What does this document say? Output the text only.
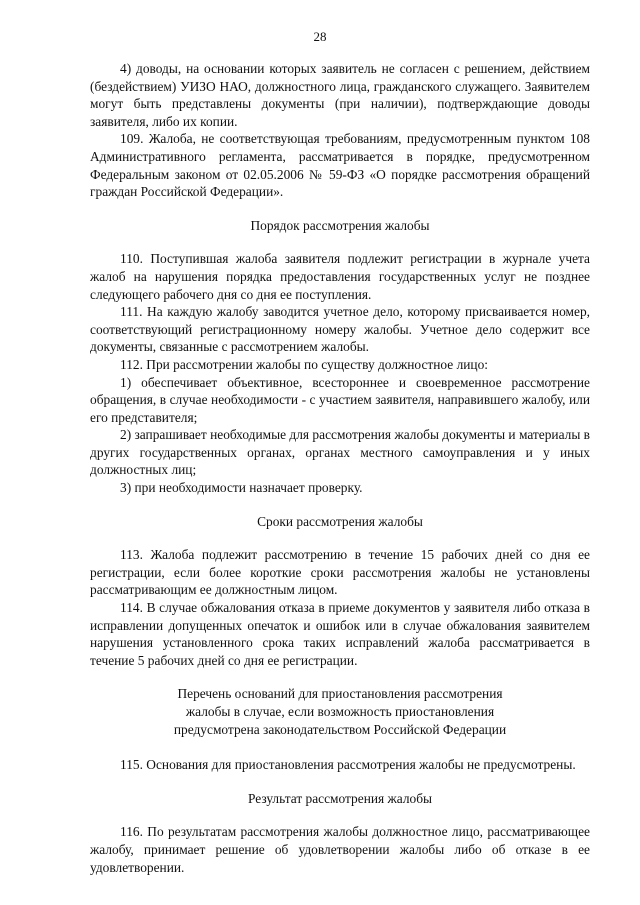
28

4) доводы, на основании которых заявитель не согласен с решением, действием (бездействием) УИЗО НАО, должностного лица, гражданского служащего. Заявителем могут быть представлены документы (при наличии), подтверждающие доводы заявителя, либо их копии.

109. Жалоба, не соответствующая требованиям, предусмотренным пунктом 108 Административного регламента, рассматривается в порядке, предусмотренном Федеральным законом от 02.05.2006 № 59-ФЗ «О порядке рассмотрения обращений граждан Российской Федерации».

Порядок рассмотрения жалобы

110. Поступившая жалоба заявителя подлежит регистрации в журнале учета жалоб на нарушения порядка предоставления государственных услуг не позднее следующего рабочего дня со дня ее поступления.

111. На каждую жалобу заводится учетное дело, которому присваивается номер, соответствующий регистрационному номеру жалобы. Учетное дело содержит все документы, связанные с рассмотрением жалобы.

112. При рассмотрении жалобы по существу должностное лицо:

1) обеспечивает объективное, всестороннее и своевременное рассмотрение обращения, в случае необходимости - с участием заявителя, направившего жалобу, или его представителя;

2) запрашивает необходимые для рассмотрения жалобы документы и материалы в других государственных органах, органах местного самоуправления и у иных должностных лиц;

3) при необходимости назначает проверку.

Сроки рассмотрения жалобы

113. Жалоба подлежит рассмотрению в течение 15 рабочих дней со дня ее регистрации, если более короткие сроки рассмотрения жалобы не установлены рассматривающим ее должностным лицом.

114. В случае обжалования отказа в приеме документов у заявителя либо отказа в исправлении допущенных опечаток и ошибок или в случае обжалования заявителем нарушения установленного срока таких исправлений жалоба рассматривается в течение 5 рабочих дней со дня ее регистрации.

Перечень оснований для приостановления рассмотрения
жалобы в случае, если возможность приостановления
предусмотрена законодательством Российской Федерации

115. Основания для приостановления рассмотрения жалобы не предусмотрены.

Результат рассмотрения жалобы

116. По результатам рассмотрения жалобы должностное лицо, рассматривающее жалобу, принимает решение об удовлетворении жалобы либо об отказе в ее удовлетворении.
